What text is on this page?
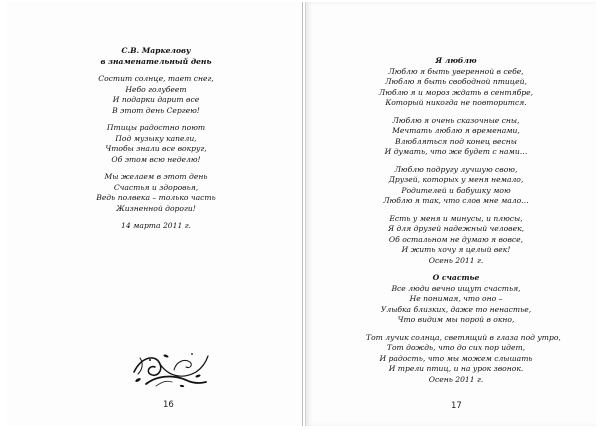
С.В. Маркелову
в знаменательный день
Состит солнце, тает снег,
Небо голубеет
И подарки дарит все
В этот день Сергею!
Птицы радостно поют
Под музыку капели,
Чтобы знали все вокруг,
Об этом всю неделю!
Мы желаем в этот день
Счастья и здоровья,
Ведь полвека – только часть
Жизненной дороги!
14 марта 2011 г.
16
Я люблю
Люблю я быть уверенной в себе,
Люблю я быть свободной птицей,
Люблю я и мороз ждать в сентябре,
Который никогда не повторится.
Люблю я очень сказочные сны,
Мечтать люблю я временами,
Влюбляться под конец весны
И думать, что же будет с нами…
Люблю подругу лучшую свою,
Друзей, которых у меня немало,
Родителей и бабушку мою
Люблю я так, что слов мне мало…
Есть у меня и минусы, и плюсы,
Я для друзей надежный человек,
Об остальном не думаю я вовсе,
И жить хочу я целый век!
Осень 2011 г.
О счастье
Все люди вечно ищут счастья,
Не понимая, что оно –
Улыбка близких, даже то ненастье,
Что видим мы порой в окно,
Тот лучик солнца, светящий в глаза под утро,
Тот дождь, что до сих пор идет,
И радость, что мы можем слышать
И трели птиц, и на урок звонок.
Осень 2011 г.
17
